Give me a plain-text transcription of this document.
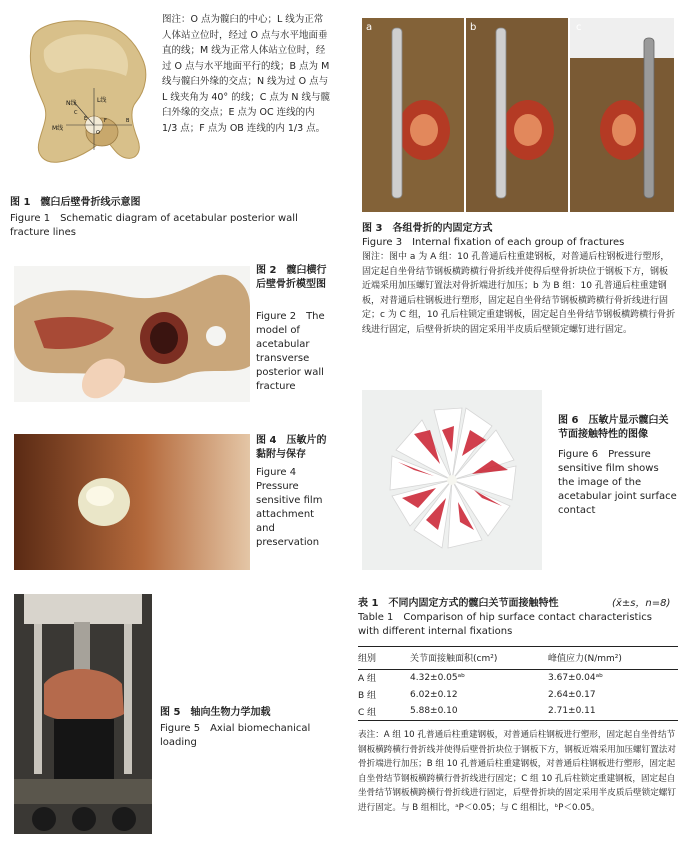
L线
N线
M线
O
B
C
E	F
图注：O 点为髋臼的中心；L 线为正常人体站立位时，经过 O 点与水平地面垂直的线；M 线为正常人体站立位时，经过 O 点与水平地面平行的线；B 点为 M 线与髋臼外缘的交点；N 线为过 O 点与 L 线夹角为 40° 的线；C 点为 N 线与髋臼外缘的交点；E 点为 OC 连线的内 1/3 点；F 点为 OB 连线的内 1/3 点。
图 1　髋臼后壁骨折线示意图
Figure 1　Schematic diagram of acetabular posterior wall fracture lines
图 2　髋臼横行后壁骨折模型图
Figure 2　The model of acetabular transverse posterior wall fracture
图 4　压敏片的黏附与保存
Figure 4　Pressure sensitive film attachment and preservation
图 5　轴向生物力学加载
Figure 5　Axial biomechanical loading
a	b	c
图 3　各组骨折的内固定方式
Figure 3　Internal fixation of each group of fractures
图注：图中 a 为 A 组：10 孔普通后柱重建钢板，对普通后柱钢板进行塑形，固定起自坐骨结节钢板横跨横行骨折线并使得后壁骨折块位于钢板下方，钢板近端采用加压螺钉置法对骨折端进行加压；b 为 B 组：10 孔普通后柱重建钢板，对普通后柱钢板进行塑形，固定起自坐骨结节钢板横跨横行骨折线进行固定；c 为 C 组，10 孔后柱锁定重建钢板，固定起自坐骨结节钢板横跨横行骨折线进行固定，后壁骨折块的固定采用半皮质后壁锁定螺钉进行固定。
图 6　压敏片显示髋臼关节面接触特性的图像
Figure 6　Pressure sensitive film shows the image of the acetabular joint surface contact
表 1　不同内固定方式的髋臼关节面接触特性	(x̄±s，n=8)
Table 1　Comparison of hip surface contact characteristics with different internal fixations
组别	关节面接触面积(cm²)	峰值应力(N/mm²)
A 组	4.32±0.05ᵃᵇ	3.67±0.04ᵃᵇ
B 组	6.02±0.12	2.64±0.17
C 组	5.88±0.10	2.71±0.11
表注：A 组 10 孔普通后柱重建钢板，对普通后柱钢板进行塑形，固定起自坐骨结节钢板横跨横行骨折线并使得后壁骨折块位于钢板下方，钢板近端采用加压螺钉置法对骨折端进行加压；B 组 10 孔普通后柱重建钢板，对普通后柱钢板进行塑形，固定起自坐骨结节钢板横跨横行骨折线进行固定；C 组 10 孔后柱锁定重建钢板，固定起自坐骨结节钢板横跨横行骨折线进行固定，后壁骨折块的固定采用半皮质后壁锁定螺钉进行固定。与 B 组相比，ᵃP＜0.05；与 C 组相比，ᵇP＜0.05。
